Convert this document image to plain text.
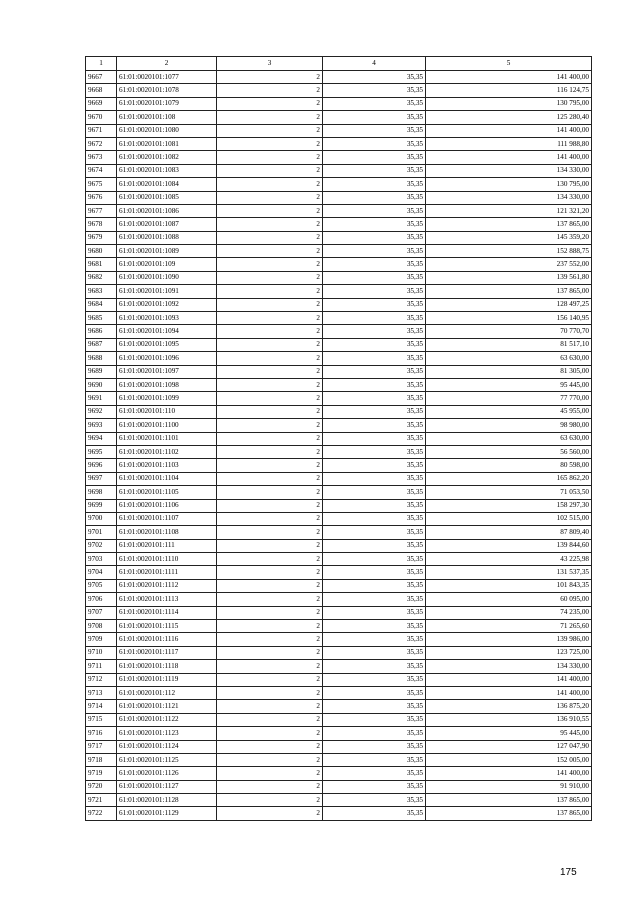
1	2	3	4	5
9667	61:01:0020101:1077	2	35,35	141 400,00
9668	61:01:0020101:1078	2	35,35	116 124,75
9669	61:01:0020101:1079	2	35,35	130 795,00
9670	61:01:0020101:108	2	35,35	125 280,40
9671	61:01:0020101:1080	2	35,35	141 400,00
9672	61:01:0020101:1081	2	35,35	111 988,80
9673	61:01:0020101:1082	2	35,35	141 400,00
9674	61:01:0020101:1083	2	35,35	134 330,00
9675	61:01:0020101:1084	2	35,35	130 795,00
9676	61:01:0020101:1085	2	35,35	134 330,00
9677	61:01:0020101:1086	2	35,35	121 321,20
9678	61:01:0020101:1087	2	35,35	137 865,00
9679	61:01:0020101:1088	2	35,35	145 359,20
9680	61:01:0020101:1089	2	35,35	152 888,75
9681	61:01:0020101:109	2	35,35	237 552,00
9682	61:01:0020101:1090	2	35,35	139 561,80
9683	61:01:0020101:1091	2	35,35	137 865,00
9684	61:01:0020101:1092	2	35,35	128 497,25
9685	61:01:0020101:1093	2	35,35	156 140,95
9686	61:01:0020101:1094	2	35,35	70 770,70
9687	61:01:0020101:1095	2	35,35	81 517,10
9688	61:01:0020101:1096	2	35,35	63 630,00
9689	61:01:0020101:1097	2	35,35	81 305,00
9690	61:01:0020101:1098	2	35,35	95 445,00
9691	61:01:0020101:1099	2	35,35	77 770,00
9692	61:01:0020101:110	2	35,35	45 955,00
9693	61:01:0020101:1100	2	35,35	98 980,00
9694	61:01:0020101:1101	2	35,35	63 630,00
9695	61:01:0020101:1102	2	35,35	56 560,00
9696	61:01:0020101:1103	2	35,35	80 598,00
9697	61:01:0020101:1104	2	35,35	165 862,20
9698	61:01:0020101:1105	2	35,35	71 053,50
9699	61:01:0020101:1106	2	35,35	158 297,30
9700	61:01:0020101:1107	2	35,35	102 515,00
9701	61:01:0020101:1108	2	35,35	87 809,40
9702	61:01:0020101:111	2	35,35	139 844,60
9703	61:01:0020101:1110	2	35,35	43 225,98
9704	61:01:0020101:1111	2	35,35	131 537,35
9705	61:01:0020101:1112	2	35,35	101 843,35
9706	61:01:0020101:1113	2	35,35	60 095,00
9707	61:01:0020101:1114	2	35,35	74 235,00
9708	61:01:0020101:1115	2	35,35	71 265,60
9709	61:01:0020101:1116	2	35,35	139 986,00
9710	61:01:0020101:1117	2	35,35	123 725,00
9711	61:01:0020101:1118	2	35,35	134 330,00
9712	61:01:0020101:1119	2	35,35	141 400,00
9713	61:01:0020101:112	2	35,35	141 400,00
9714	61:01:0020101:1121	2	35,35	136 875,20
9715	61:01:0020101:1122	2	35,35	136 910,55
9716	61:01:0020101:1123	2	35,35	95 445,00
9717	61:01:0020101:1124	2	35,35	127 047,90
9718	61:01:0020101:1125	2	35,35	152 005,00
9719	61:01:0020101:1126	2	35,35	141 400,00
9720	61:01:0020101:1127	2	35,35	91 910,00
9721	61:01:0020101:1128	2	35,35	137 865,00
9722	61:01:0020101:1129	2	35,35	137 865,00
175
